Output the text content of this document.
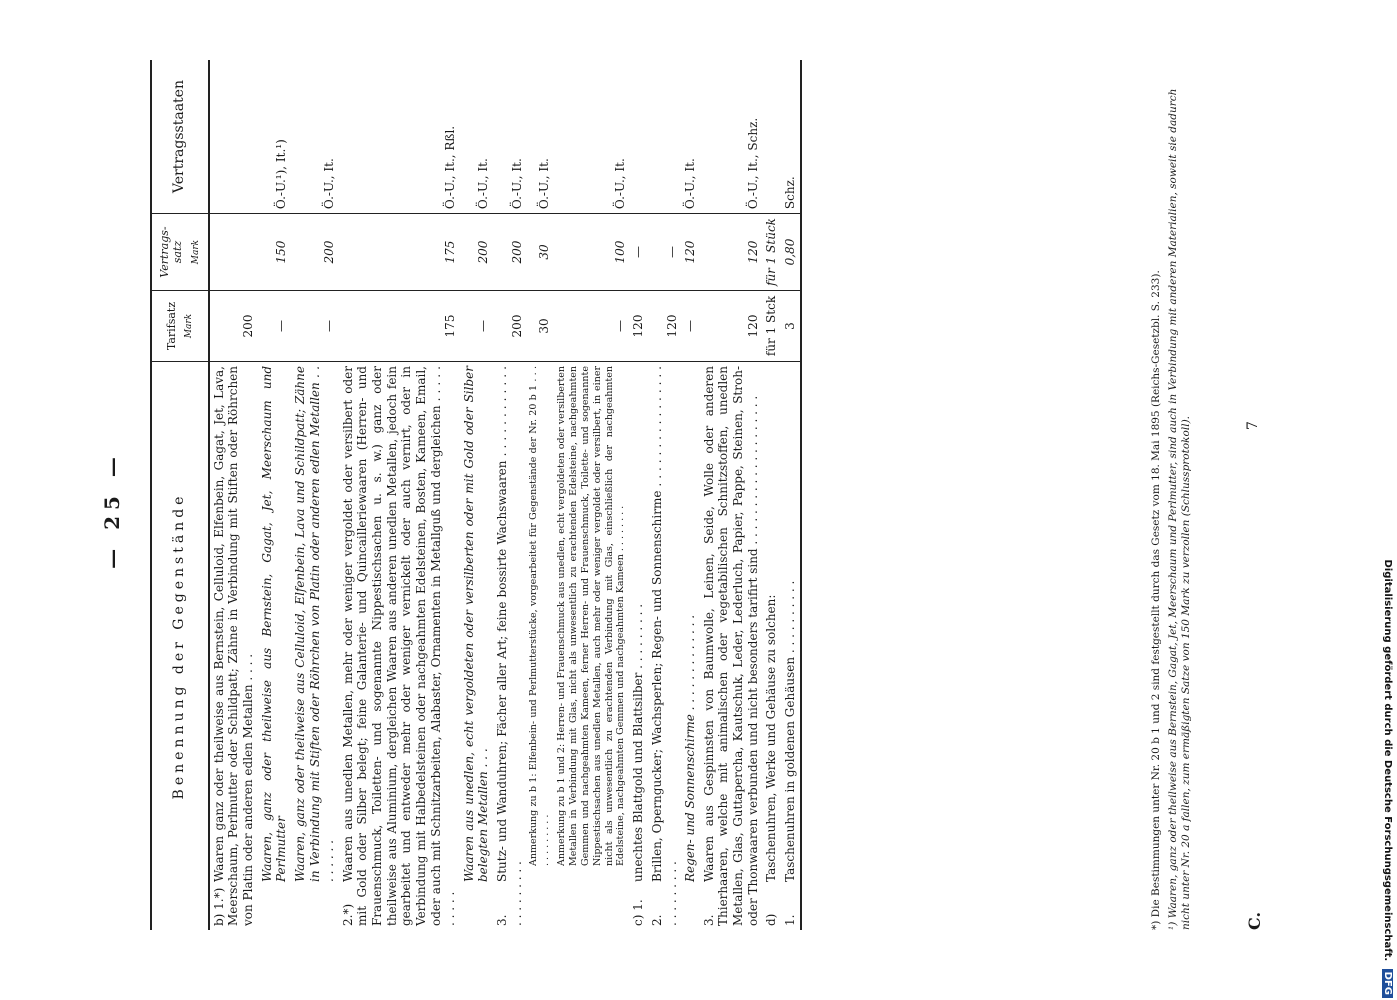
— 25 —	Benennung der Gegenstände	Tarifsatz Mark	Vertrags-satz Mark	Vertragsstaaten
b) 1.*)Waaren ganz oder theilweise aus Bernstein, Celluloid, Elfenbein, Gagat, Jet, Lava, Meerschaum, Perlmutter oder Schildpatt; Zähne in Verbindung mit Stiften oder Röhrchen von Platin oder anderen edlen Metallen . . . .	200		
Waaren, ganz oder theilweise aus Bernstein, Gagat, Jet, Meerschaum und Perlmutter	—	150	Ö.-U.¹), It.¹)
Waaren, ganz oder theilweise aus Celluloid, Elfenbein, Lava und Schildpatt; Zähne in Verbindung mit Stiften oder Röhrchen von Platin oder anderen edlen Metallen . . . . . . . .	—	200	Ö.-U., It.
2.*)Waaren aus unedlen Metallen, mehr oder weniger vergoldet oder versilbert oder mit Gold oder Silber belegt; feine Galanterie- und Quincailleriewaaren (Herren- und Frauenschmuck, Toiletten- und sogenannte Nippestischsachen u. s. w.) ganz oder theilweise aus Aluminium, dergleichen Waaren aus anderen unedlen Metallen, jedoch fein gearbeitet und entweder mehr oder weniger vernickelt oder auch vernirt, oder in Verbindung mit Halbedelsteinen oder nachgeahmten Edelsteinen, Bosten, Kameen, Email, oder auch mit Schnitzarbeiten, Alabaster, Ornamenten in Metallguß und dergleichen . . . . . . . . . .	175	175	Ö.-U., It., Rßl.
Waaren aus unedlen, echt vergoldeten oder versilberten oder mit Gold oder Silber belegten Metallen . . .	—	200	Ö.-U., It.
3.Stutz- und Wanduhren; Fächer aller Art; feine bossirte Wachswaaren . . . . . . . . . . . . . . . . . . . . .	200	200	Ö.-U., It.
Anmerkung zu b 1: Elfenbein- und Perlmutterstücke, vorgearbeitet für Gegenstände der Nr. 20 b 1 . . . . . . . . . . . .	30	30	Ö.-U., It.
Anmerkung zu b 1 und 2: Herren- und Frauenschmuck aus unedlen, echt vergoldeten oder versilberten Metallen in Verbindung mit Glas, nicht als unwesentlich zu erachtenden Edelsteine, nachgeahmten Gemmen und nachgeahmten Kameen, ferner Herren- und Frauenschmuck, Toilette- und sogenannte Nippestischsachen aus unedlen Metallen, auch mehr oder weniger vergoldet oder versilbert, in einer nicht als unwesentlich zu erachtenden Verbindung mit Glas, einschließlich der nachgeahmten Edelsteine, nachgeahmten Gemmen und nachgeahmten Kameen . . . . . . . .	—	100	Ö.-U., It.
c) 1.unechtes Blattgold und Blattsilber . . . . . . . . .	120	—	
2.Brillen, Operngucker; Wachsperlen; Regen- und Sonnenschirme . . . . . . . . . . . . . . . . . . . . . . . . .	120	—	
Regen- und Sonnenschirme . . . . . . . . . . . . .	—	120	Ö.-U., It.
3.Waaren aus Gespinnsten von Baumwolle, Leinen, Seide, Wolle oder anderen Thierhaaren, welche mit animalischen oder vegetabilischen Schnitzstoffen, unedlen Metallen, Glas, Guttapercha, Kautschuk, Leder, Lederluch, Papier, Pappe, Steinen, Stroh- oder Thonwaaren verbunden und nicht besonders tarifirt sind . . . . . . . . . . . . . . . . . . . .	120	120	Ö.-U., It., Schz.
d)Taschenuhren, Werke und Gehäuse zu solchen:	für 1 Stck	für 1 Stück	
1.Taschenuhren in goldenen Gehäusen . . . . . . . . . .	3	0,80	Schz.

*) Die Bestimmungen unter Nr. 20 b 1 und 2 sind festgestellt durch das Gesetz vom 18. Mai 1895 (Reichs-Gesetzbl. S. 233). ¹) Waaren, ganz oder theilweise aus Bernstein, Gagat, Jet, Meerschaum und Perlmutter, sind auch in Verbindung mit anderen Materialien, soweit sie dadurch nicht unter Nr. 20 a fallen, zum ermäßigten Satze von 150 Mark zu verzollen (Schlussprotokoll).	C.
7
Digitalisierung gefördert durch die Deutsche Forschungsgemeinschaft. DFG
